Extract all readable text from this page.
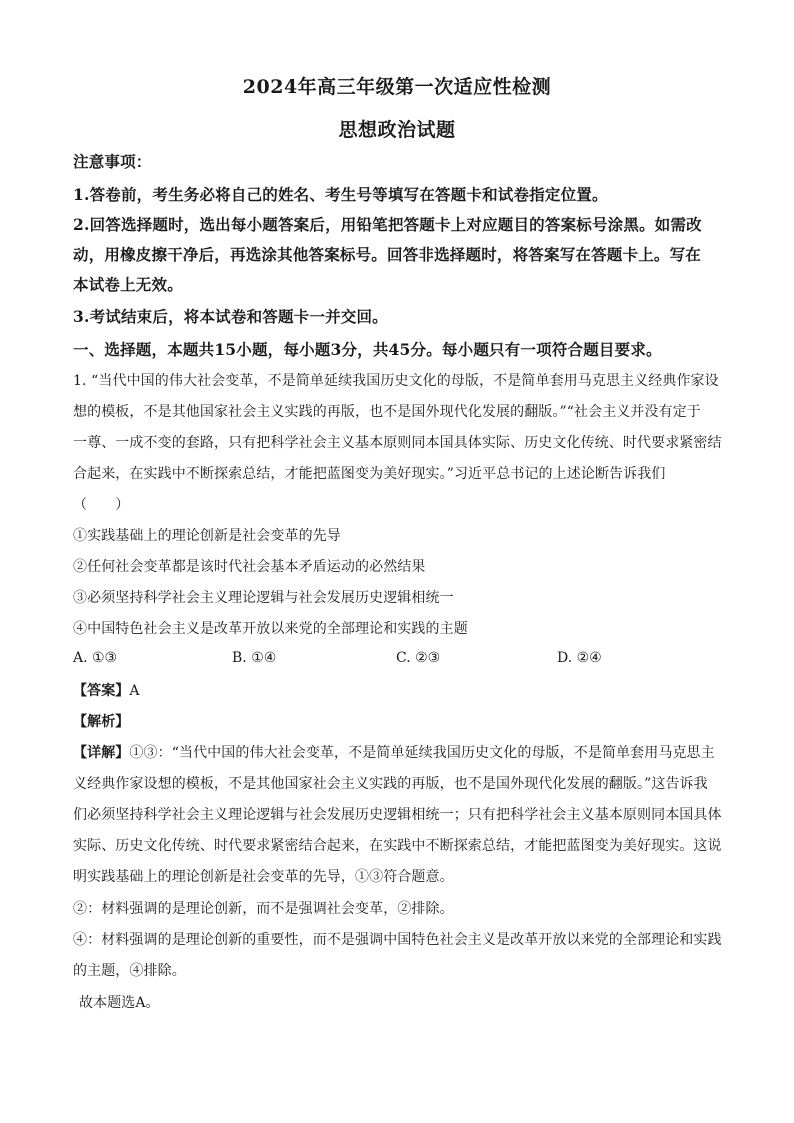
2024年高三年级第一次适应性检测
思想政治试题
注意事项：
1.答卷前，考生务必将自己的姓名、考生号等填写在答题卡和试卷指定位置。
2.回答选择题时，选出每小题答案后，用铅笔把答题卡上对应题目的答案标号涂黑。如需改
动，用橡皮擦干净后，再选涂其他答案标号。回答非选择题时，将答案写在答题卡上。写在
本试卷上无效。
3.考试结束后，将本试卷和答题卡一并交回。
一、选择题，本题共15小题，每小题3分，共45分。每小题只有一项符合题目要求。
1. “当代中国的伟大社会变革，不是简单延续我国历史文化的母版，不是简单套用马克思主义经典作家设
想的模板，不是其他国家社会主义实践的再版，也不是国外现代化发展的翻版。”“社会主义并没有定于
一尊、一成不变的套路，只有把科学社会主义基本原则同本国具体实际、历史文化传统、时代要求紧密结
合起来，在实践中不断探索总结，才能把蓝图变为美好现实。”习近平总书记的上述论断告诉我们
（　　）
①实践基础上的理论创新是社会变革的先导
②任何社会变革都是该时代社会基本矛盾运动的必然结果
③必须坚持科学社会主义理论逻辑与社会发展历史逻辑相统一
④中国特色社会主义是改革开放以来党的全部理论和实践的主题
A. ①③	B. ①④	C. ②③	D. ②④
【答案】A
【解析】
【详解】①③：“当代中国的伟大社会变革，不是简单延续我国历史文化的母版，不是简单套用马克思主
义经典作家设想的模板，不是其他国家社会主义实践的再版，也不是国外现代化发展的翻版。”这告诉我
们必须坚持科学社会主义理论逻辑与社会发展历史逻辑相统一；只有把科学社会主义基本原则同本国具体
实际、历史文化传统、时代要求紧密结合起来，在实践中不断探索总结，才能把蓝图变为美好现实。这说
明实践基础上的理论创新是社会变革的先导，①③符合题意。
②：材料强调的是理论创新，而不是强调社会变革，②排除。
④：材料强调的是理论创新的重要性，而不是强调中国特色社会主义是改革开放以来党的全部理论和实践
的主题，④排除。
故本题选A。
